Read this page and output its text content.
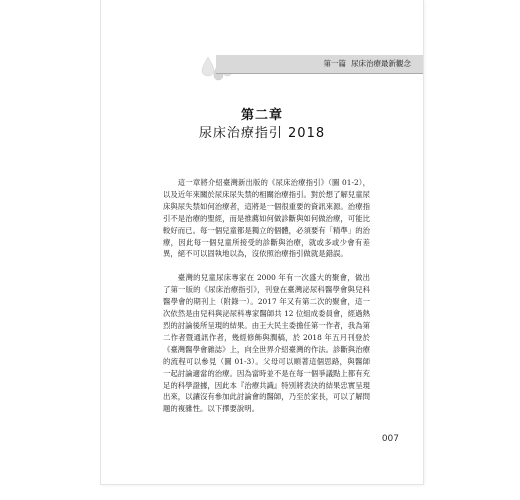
第一篇 尿床治療最新觀念
第二章
尿床治療指引 2018

這一章將介紹臺灣新出版的《尿床治療指引》（圖 01-2），以及近年來關於尿床尿失禁的相關治療指引。對於想了解兒童尿床與尿失禁如何治療者，這將是一個很重要的資訊來源。治療指引不是治療的聖經，而是推薦如何做診斷與如何做治療，可能比較好而已。每一個兒童都是獨立的個體，必須要有「精準」的治療，因此每一個兒童所接受的診斷與治療，就或多或少會有差異，絕不可以固執地以為，沒依照治療指引做就是錯誤。

臺灣的兒童尿床專家在 2000 年有一次盛大的聚會，做出了第一版的《尿床治療指引》，刊登在臺灣泌尿科醫學會與兒科醫學會的期刊上（附錄一）。2017 年又有第二次的聚會，這一次依然是由兒科與泌尿科專家醫師共 12 位組成委員會，經過熱烈的討論後所呈現的結果。由王大民主委擔任第一作者，我為第二作者暨通訊作者，幾經修飾與潤稿，於 2018 年五月刊登於《臺灣醫學會雜誌》上，向全世界介紹臺灣的作法。診斷與治療的流程可以參見（圖 01-3）。父母可以順著這個思路，與醫師一起討論適當的治療。因為當時並不是在每一個爭議點上都有充足的科學證據，因此本『治療共識』特別將表決的結果忠實呈現出來，以讓沒有參加此討論會的醫師，乃至於家長，可以了解問題的複雜性。以下擇要說明。

007
